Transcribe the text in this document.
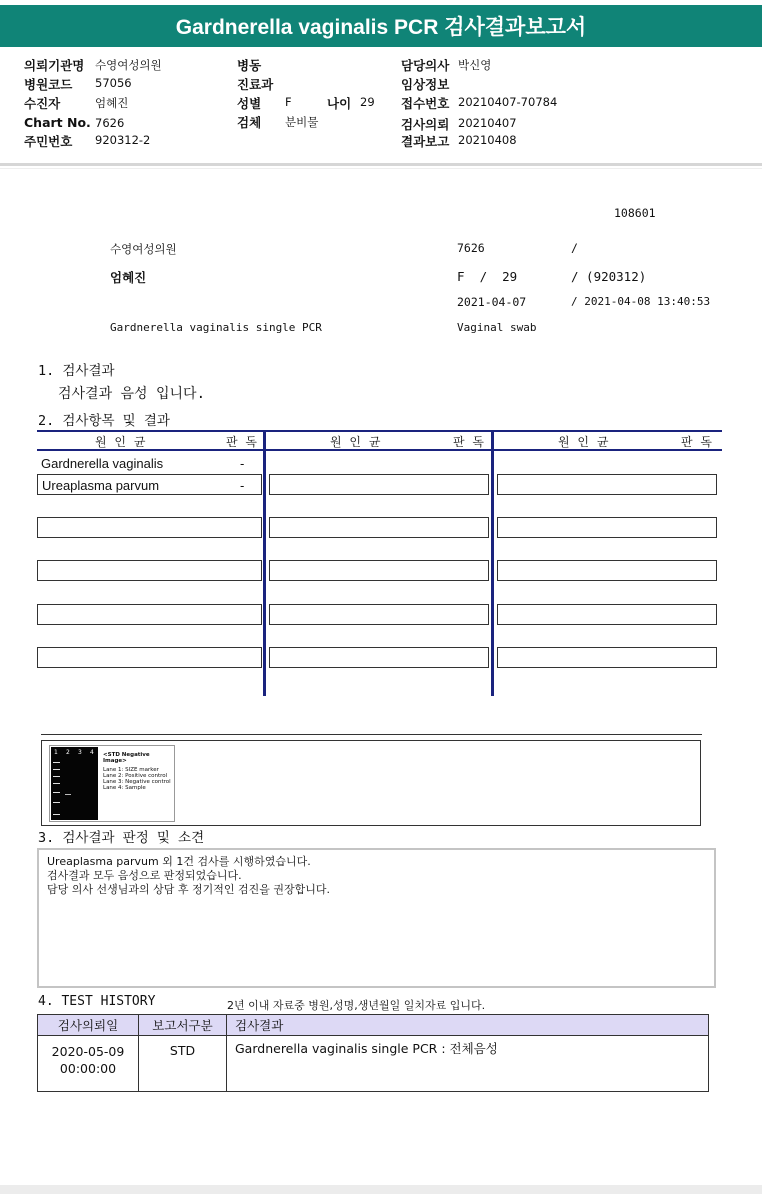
Gardnerella vaginalis PCR 검사결과보고서
의뢰기관명 수영여성의원
병원코드 57056
수진자	엄혜진
Chart No. 7626
주민번호 920312-2
병동
진료과
성별 F	나이 29
검체 분비물
담당의사 박신영
임상정보
접수번호 20210407-70784
검사의뢰 20210407
결과보고 20210408
108601
수영여성의원	7626	/
엄혜진	F  /  29	/ (920312)
2021-04-07	/ 2021-04-08 13:40:53
Gardnerella vaginalis single PCR	Vaginal swab
1. 검사결과
검사결과 음성 입니다.
2. 검사항목 및 결과
원 인 균	판 독	원 인 균	판 독	원 인 균	판 독
Gardnerella vaginalis	-
Ureaplasma parvum	-
1 2 3 4 <STD Negative Image>
Lane 1: SIZE marker
Lane 2: Positive control
Lane 3: Negative control
Lane 4: Sample
3. 검사결과 판정 및 소견
Ureaplasma parvum 외 1건 검사를 시행하였습니다.
검사결과 모두 음성으로 판정되었습니다.
담당 의사 선생님과의 상담 후 정기적인 검진을 권장합니다.
4. TEST HISTORY	2년 이내 자료중 병원,성명,생년월일 일치자료 입니다.
검사의뢰일	보고서구분	검사결과

2020-05-09
00:00:00	STD	Gardnerella vaginalis single PCR : 전체음성
